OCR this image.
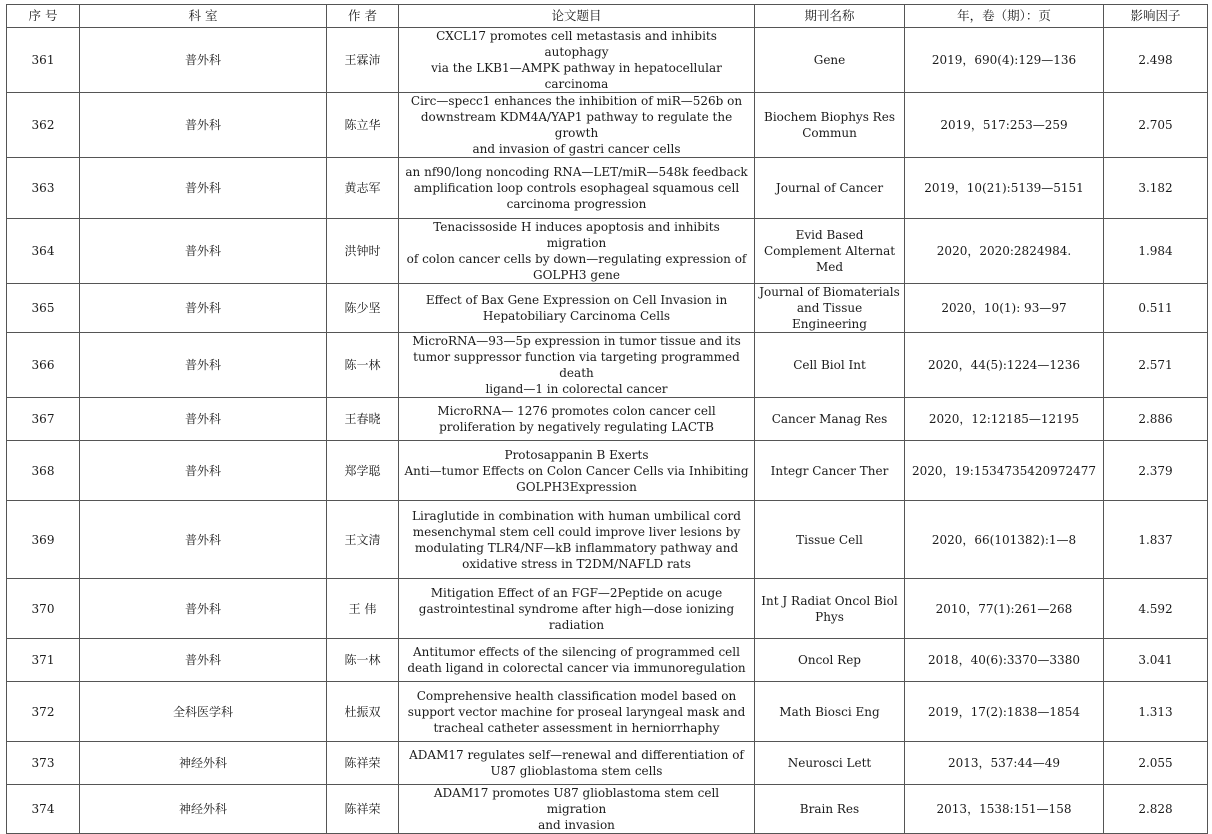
序 号	科 室	作 者	论文题目	期刊名称	年，卷（期）：页	影响因子
361	普外科	王霖沛	CXCL17 promotes cell metastasis and inhibits autophagy
via the LKB1—AMPK pathway in hepatocellular
carcinoma	Gene	2019，690(4):129—136	2.498
362	普外科	陈立华	Circ—specc1 enhances the inhibition of miR—526b on
downstream KDM4A/YAP1 pathway to regulate the growth
and invasion of gastri cancer cells	Biochem Biophys Res
Commun	2019，517:253—259	2.705
363	普外科	黄志军	an nf90/long noncoding RNA—LET/miR—548k feedback
amplification loop controls esophageal squamous cell
carcinoma progression	Journal of Cancer	2019，10(21):5139—5151	3.182
364	普外科	洪钟时	Tenacissoside H induces apoptosis and inhibits migration
of colon cancer cells by down—regulating expression of
GOLPH3 gene	Evid Based
Complement Alternat
Med	2020，2020:2824984.	1.984
365	普外科	陈少坚	Effect of Bax Gene Expression on Cell Invasion in
Hepatobiliary Carcinoma Cells	Journal of Biomaterials
and Tissue Engineering	2020，10(1): 93—97	0.511
366	普外科	陈一林	MicroRNA—93—5p expression in tumor tissue and its
tumor suppressor function via targeting programmed death
ligand—1 in colorectal cancer	Cell Biol Int	2020，44(5):1224—1236	2.571
367	普外科	王春晓	MicroRNA— 1276 promotes colon cancer cell
proliferation by negatively regulating LACTB	Cancer Manag Res	2020，12:12185—12195	2.886
368	普外科	郑学聪	Protosappanin B Exerts
Anti—tumor Effects on Colon Cancer Cells via Inhibiting
GOLPH3Expression	Integr Cancer Ther	2020，19:1534735420972477	2.379
369	普外科	王文清	Liraglutide in combination with human umbilical cord
mesenchymal stem cell could improve liver lesions by
modulating TLR4/NF—kB inflammatory pathway and
oxidative stress in T2DM/NAFLD rats	Tissue Cell	2020，66(101382):1—8	1.837
370	普外科	王 伟	Mitigation Effect of an FGF—2Peptide on acuge
gastrointestinal syndrome after high—dose ionizing
radiation	Int J Radiat Oncol Biol
Phys	2010，77(1):261—268	4.592
371	普外科	陈一林	Antitumor effects of the silencing of programmed cell
death ligand in colorectal cancer via immunoregulation	Oncol Rep	2018，40(6):3370—3380	3.041
372	全科医学科	杜振双	Comprehensive health classification model based on
support vector machine for proseal laryngeal mask and
tracheal catheter assessment in herniorrhaphy	Math Biosci Eng	2019，17(2):1838—1854	1.313
373	神经外科	陈祥荣	ADAM17 regulates self—renewal and differentiation of
U87 glioblastoma stem cells	Neurosci Lett	2013，537:44—49	2.055
374	神经外科	陈祥荣	ADAM17 promotes U87 glioblastoma stem cell migration
and invasion	Brain Res	2013，1538:151—158	2.828
